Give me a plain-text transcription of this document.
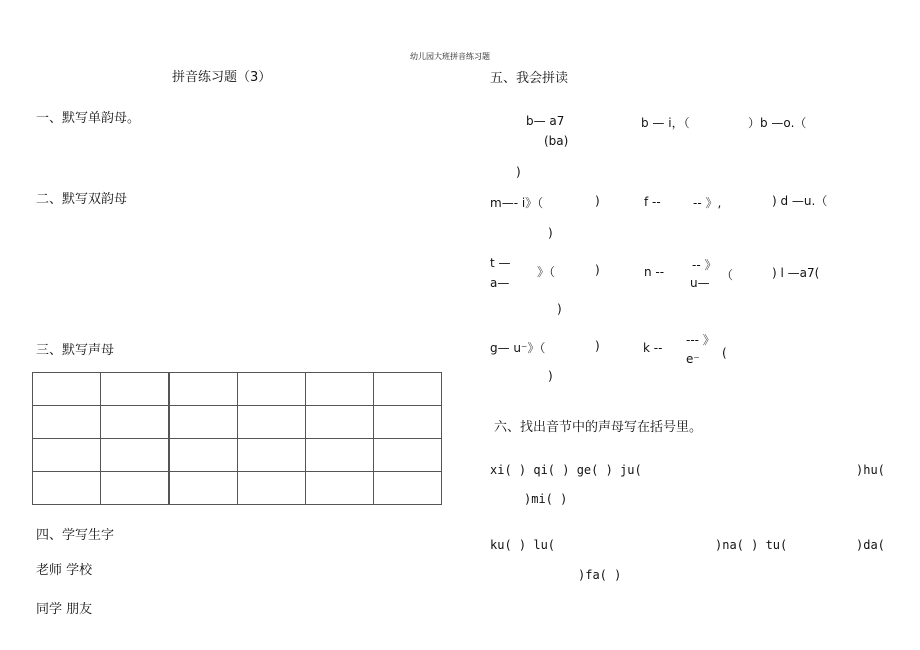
幼儿园大班拼音练习题
拼音练习题（3）
一、默写单韵母。
二、默写双韵母
三、默写声母

四、学写生字
老师 学校
同学 朋友
五、我会拼读
b— a7
(ba)
b — i，（	）b —o.（
)
m—- i》（	)	f --	-- 》,	) d —u.（
)
t —
a—
》（	)	n -- -- 》
u—
（	) l —a7(
)
g— u⁻》（	)	k --
--- 》
e⁻ (
)
六、找出音节中的声母写在括号里。
xi( ) qi( ) ge( ) ju(	)hu(
)mi( )
ku( ) lu(	)na( ) tu(	)da(
)fa( )
